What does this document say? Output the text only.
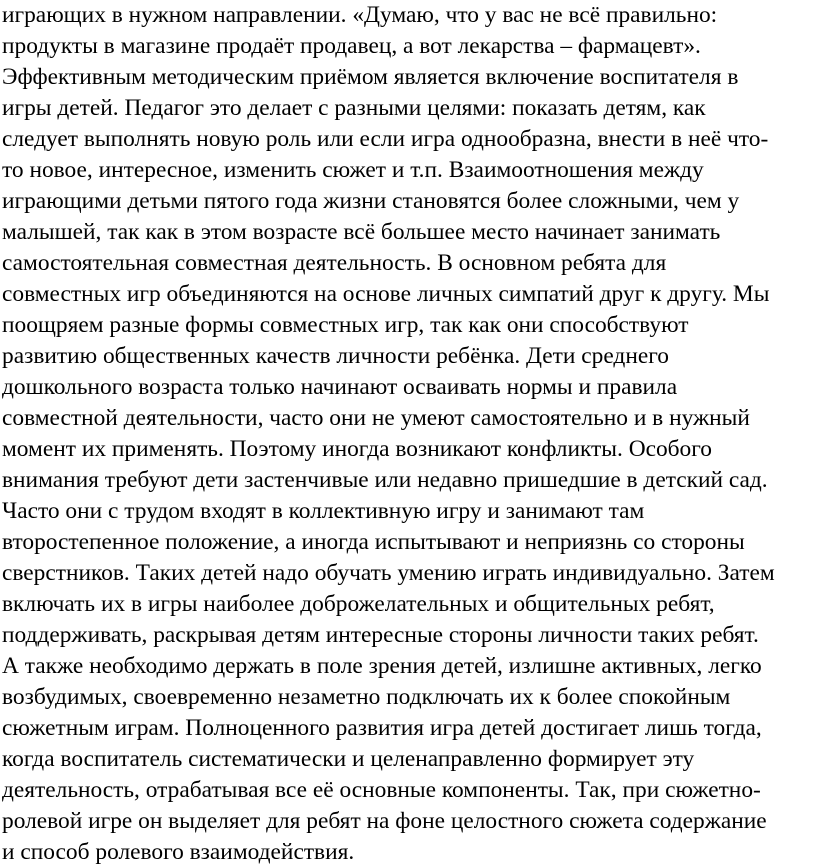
играющих в нужном направлении. «Думаю, что у вас не всё правильно:
продукты в магазине продаёт продавец, а вот лекарства – фармацевт».
Эффективным методическим приёмом является включение воспитателя в
игры детей. Педагог это делает с разными целями: показать детям, как
следует выполнять новую роль или если игра однообразна, внести в неё что-
то новое, интересное, изменить сюжет и т.п. Взаимоотношения между
играющими детьми пятого года жизни становятся более сложными, чем у
малышей, так как в этом возрасте всё большее место начинает занимать
самостоятельная совместная деятельность. В основном ребята для
совместных игр объединяются на основе личных симпатий друг к другу. Мы
поощряем разные формы совместных игр, так как они способствуют
развитию общественных качеств личности ребёнка. Дети среднего
дошкольного возраста только начинают осваивать нормы и правила
совместной деятельности, часто они не умеют самостоятельно и в нужный
момент их применять. Поэтому иногда возникают конфликты. Особого
внимания требуют дети застенчивые или недавно пришедшие в детский сад.
Часто они с трудом входят в коллективную игру и занимают там
второстепенное положение, а иногда испытывают и неприязнь со стороны
сверстников. Таких детей надо обучать умению играть индивидуально. Затем
включать их в игры наиболее доброжелательных и общительных ребят,
поддерживать, раскрывая детям интересные стороны личности таких ребят.
А также необходимо держать в поле зрения детей, излишне активных, легко
возбудимых, своевременно незаметно подключать их к более спокойным
сюжетным играм. Полноценного развития игра детей достигает лишь тогда,
когда воспитатель систематически и целенаправленно формирует эту
деятельность, отрабатывая все её основные компоненты. Так, при сюжетно-
ролевой игре он выделяет для ребят на фоне целостного сюжета содержание
и способ ролевого взаимодействия.
